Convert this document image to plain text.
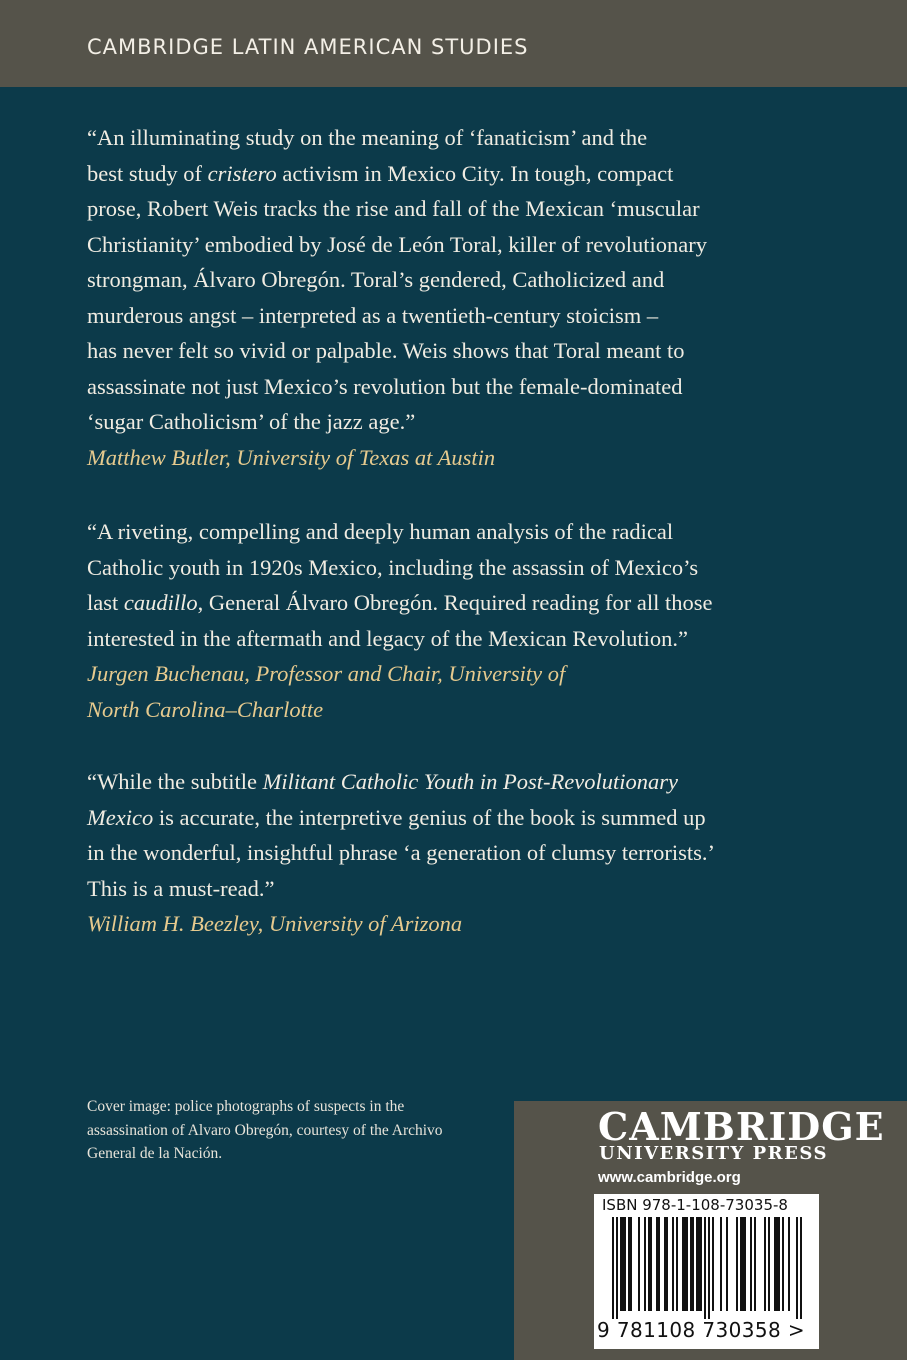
CAMBRIDGE LATIN AMERICAN STUDIES
“An illuminating study on the meaning of ‘fanaticism’ and the
best study of cristero activism in Mexico City. In tough, compact
prose, Robert Weis tracks the rise and fall of the Mexican ‘muscular
Christianity’ embodied by José de León Toral, killer of revolutionary
strongman, Álvaro Obregón. Toral’s gendered, Catholicized and
murderous angst – interpreted as a twentieth-century stoicism –
has never felt so vivid or palpable. Weis shows that Toral meant to
assassinate not just Mexico’s revolution but the female-dominated
‘sugar Catholicism’ of the jazz age.”
Matthew Butler, University of Texas at Austin
“A riveting, compelling and deeply human analysis of the radical
Catholic youth in 1920s Mexico, including the assassin of Mexico’s
last caudillo, General Álvaro Obregón. Required reading for all those
interested in the aftermath and legacy of the Mexican Revolution.”
Jurgen Buchenau, Professor and Chair, University of
North Carolina–Charlotte
“While the subtitle Militant Catholic Youth in Post-Revolutionary
Mexico is accurate, the interpretive genius of the book is summed up
in the wonderful, insightful phrase ‘a generation of clumsy terrorists.’
This is a must-read.”
William H. Beezley, University of Arizona
Cover image: police photographs of suspects in the
assassination of Alvaro Obregón, courtesy of the Archivo
General de la Nación.
CAMBRIDGE
UNIVERSITY PRESS
www.cambridge.org
ISBN 978-1-108-73035-8
9 781108 730358 >
